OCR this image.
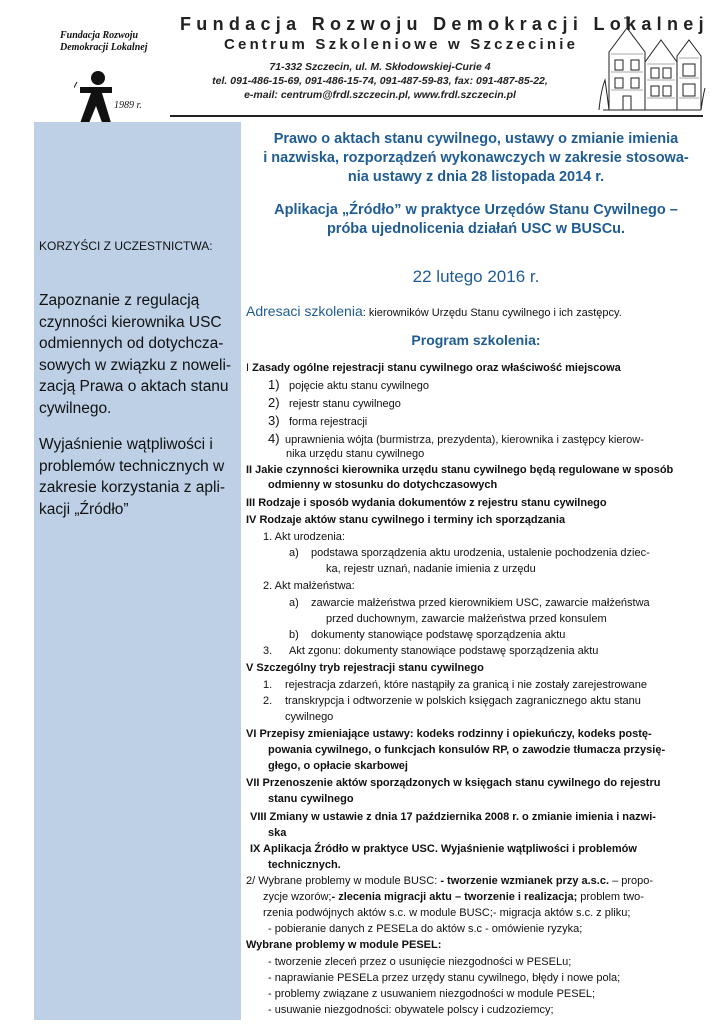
Fundacja Rozwoju
Demokracji Lokalnej
1989 r.
Fundacja Rozwoju Demokracji Lokalnej
Centrum Szkoleniowe w Szczecinie
71-332 Szczecin, ul. M. Skłodowskiej-Curie 4
tel. 091-486-15-69, 091-486-15-74, 091-487-59-83, fax: 091-487-85-22,
e-mail: centrum@frdl.szczecin.pl, www.frdl.szczecin.pl
KORZYŚCI Z UCZESTNICTWA:
Zapoznanie z regulacją
czynności kierownika USC
odmiennych od dotychcza-
sowych w związku z noweli-
zacją Prawa o aktach stanu
cywilnego.
Wyjaśnienie wątpliwości i
problemów technicznych w
zakresie korzystania z apli-
kacji „Źródło”
Prawo o aktach stanu cywilnego, ustawy o zmianie imienia
i nazwiska, rozporządzeń wykonawczych w zakresie stosowa-
nia ustawy z dnia 28 listopada 2014 r.
Aplikacja „Źródło” w praktyce Urzędów Stanu Cywilnego –
próba ujednolicenia działań USC w BUSCu.
22 lutego 2016 r.
Adresaci szkolenia: kierowników Urzędu Stanu cywilnego i ich zastępcy.
Program szkolenia:
I Zasady ogólne rejestracji stanu cywilnego oraz właściwość miejscowa
1) pojęcie aktu stanu cywilnego
2) rejestr stanu cywilnego
3) forma rejestracji
4) uprawnienia wójta (burmistrza, prezydenta), kierownika i zastępcy kierow-
nika urzędu stanu cywilnego
II Jakie czynności kierownika urzędu stanu cywilnego będą regulowane w sposób
odmienny w stosunku do dotychczasowych
III Rodzaje i sposób wydania dokumentów z rejestru stanu cywilnego
IV Rodzaje aktów stanu cywilnego i terminy ich sporządzania
1. Akt urodzenia:
a) podstawa sporządzenia aktu urodzenia, ustalenie pochodzenia dziec-
ka, rejestr uznań, nadanie imienia z urzędu
2. Akt małżeństwa:
a) zawarcie małżeństwa przed kierownikiem USC, zawarcie małżeństwa
przed duchownym, zawarcie małżeństwa przed konsulem
b) dokumenty stanowiące podstawę sporządzenia aktu
3. Akt zgonu: dokumenty stanowiące podstawę sporządzenia aktu
V Szczególny tryb rejestracji stanu cywilnego
1. rejestracja zdarzeń, które nastąpiły za granicą i nie zostały zarejestrowane
2. transkrypcja i odtworzenie w polskich księgach zagranicznego aktu stanu
cywilnego
VI Przepisy zmieniające ustawy: kodeks rodzinny i opiekuńczy, kodeks postę-
powania cywilnego, o funkcjach konsulów RP, o zawodzie tłumacza przysię-
głego, o opłacie skarbowej
VII Przenoszenie aktów sporządzonych w księgach stanu cywilnego do rejestru
stanu cywilnego
VIII Zmiany w ustawie z dnia 17 października 2008 r. o zmianie imienia i nazwi-
ska
IX Aplikacja Źródło w praktyce USC. Wyjaśnienie wątpliwości i problemów
technicznych.
2/ Wybrane problemy w module BUSC: - tworzenie wzmianek przy a.s.c. – propo-
zycje wzorów;- zlecenia migracji aktu – tworzenie i realizacja; problem two-
rzenia podwójnych aktów s.c. w module BUSC;- migracja aktów s.c. z pliku;
- pobieranie danych z PESELa do aktów s.c - omówienie ryzyka;
Wybrane problemy w module PESEL:
- tworzenie zleceń przez o usunięcie niezgodności w PESELu;
- naprawianie PESELa przez urzędy stanu cywilnego, błędy i nowe pola;
- problemy związane z usuwaniem niezgodności w module PESEL;
- usuwanie niezgodności: obywatele polscy i cudzoziemcy;
